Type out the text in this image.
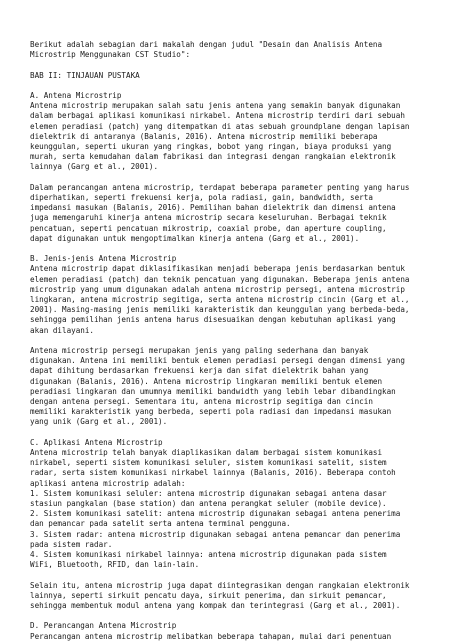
Berikut adalah sebagian dari makalah dengan judul "Desain dan Analisis Antena

Microstrip Menggunakan CST Studio":

BAB II: TINJAUAN PUSTAKA

A. Antena Microstrip

Antena microstrip merupakan salah satu jenis antena yang semakin banyak digunakan

dalam berbagai aplikasi komunikasi nirkabel. Antena microstrip terdiri dari sebuah

elemen peradiasi (patch) yang ditempatkan di atas sebuah groundplane dengan lapisan

dielektrik di antaranya (Balanis, 2016). Antena microstrip memiliki beberapa

keunggulan, seperti ukuran yang ringkas, bobot yang ringan, biaya produksi yang

murah, serta kemudahan dalam fabrikasi dan integrasi dengan rangkaian elektronik

lainnya (Garg et al., 2001).

Dalam perancangan antena microstrip, terdapat beberapa parameter penting yang harus

diperhatikan, seperti frekuensi kerja, pola radiasi, gain, bandwidth, serta

impedansi masukan (Balanis, 2016). Pemilihan bahan dielektrik dan dimensi antena

juga memengaruhi kinerja antena microstrip secara keseluruhan. Berbagai teknik

pencatuan, seperti pencatuan mikrostrip, coaxial probe, dan aperture coupling,

dapat digunakan untuk mengoptimalkan kinerja antena (Garg et al., 2001).

B. Jenis-jenis Antena Microstrip

Antena microstrip dapat diklasifikasikan menjadi beberapa jenis berdasarkan bentuk

elemen peradiasi (patch) dan teknik pencatuan yang digunakan. Beberapa jenis antena

microstrip yang umum digunakan adalah antena microstrip persegi, antena microstrip

lingkaran, antena microstrip segitiga, serta antena microstrip cincin (Garg et al.,

2001). Masing-masing jenis memiliki karakteristik dan keunggulan yang berbeda-beda,

sehingga pemilihan jenis antena harus disesuaikan dengan kebutuhan aplikasi yang

akan dilayani.

Antena microstrip persegi merupakan jenis yang paling sederhana dan banyak

digunakan. Antena ini memiliki bentuk elemen peradiasi persegi dengan dimensi yang

dapat dihitung berdasarkan frekuensi kerja dan sifat dielektrik bahan yang

digunakan (Balanis, 2016). Antena microstrip lingkaran memiliki bentuk elemen

peradiasi lingkaran dan umumnya memiliki bandwidth yang lebih lebar dibandingkan

dengan antena persegi. Sementara itu, antena microstrip segitiga dan cincin

memiliki karakteristik yang berbeda, seperti pola radiasi dan impedansi masukan

yang unik (Garg et al., 2001).

C. Aplikasi Antena Microstrip

Antena microstrip telah banyak diaplikasikan dalam berbagai sistem komunikasi

nirkabel, seperti sistem komunikasi seluler, sistem komunikasi satelit, sistem

radar, serta sistem komunikasi nirkabel lainnya (Balanis, 2016). Beberapa contoh

aplikasi antena microstrip adalah:

1. Sistem komunikasi seluler: antena microstrip digunakan sebagai antena dasar

stasiun pangkalan (base station) dan antena perangkat seluler (mobile device).

2. Sistem komunikasi satelit: antena microstrip digunakan sebagai antena penerima

dan pemancar pada satelit serta antena terminal pengguna.

3. Sistem radar: antena microstrip digunakan sebagai antena pemancar dan penerima

pada sistem radar.

4. Sistem komunikasi nirkabel lainnya: antena microstrip digunakan pada sistem

WiFi, Bluetooth, RFID, dan lain-lain.

Selain itu, antena microstrip juga dapat diintegrasikan dengan rangkaian elektronik

lainnya, seperti sirkuit pencatu daya, sirkuit penerima, dan sirkuit pemancar,

sehingga membentuk modul antena yang kompak dan terintegrasi (Garg et al., 2001).

D. Perancangan Antena Microstrip

Perancangan antena microstrip melibatkan beberapa tahapan, mulai dari penentuan
